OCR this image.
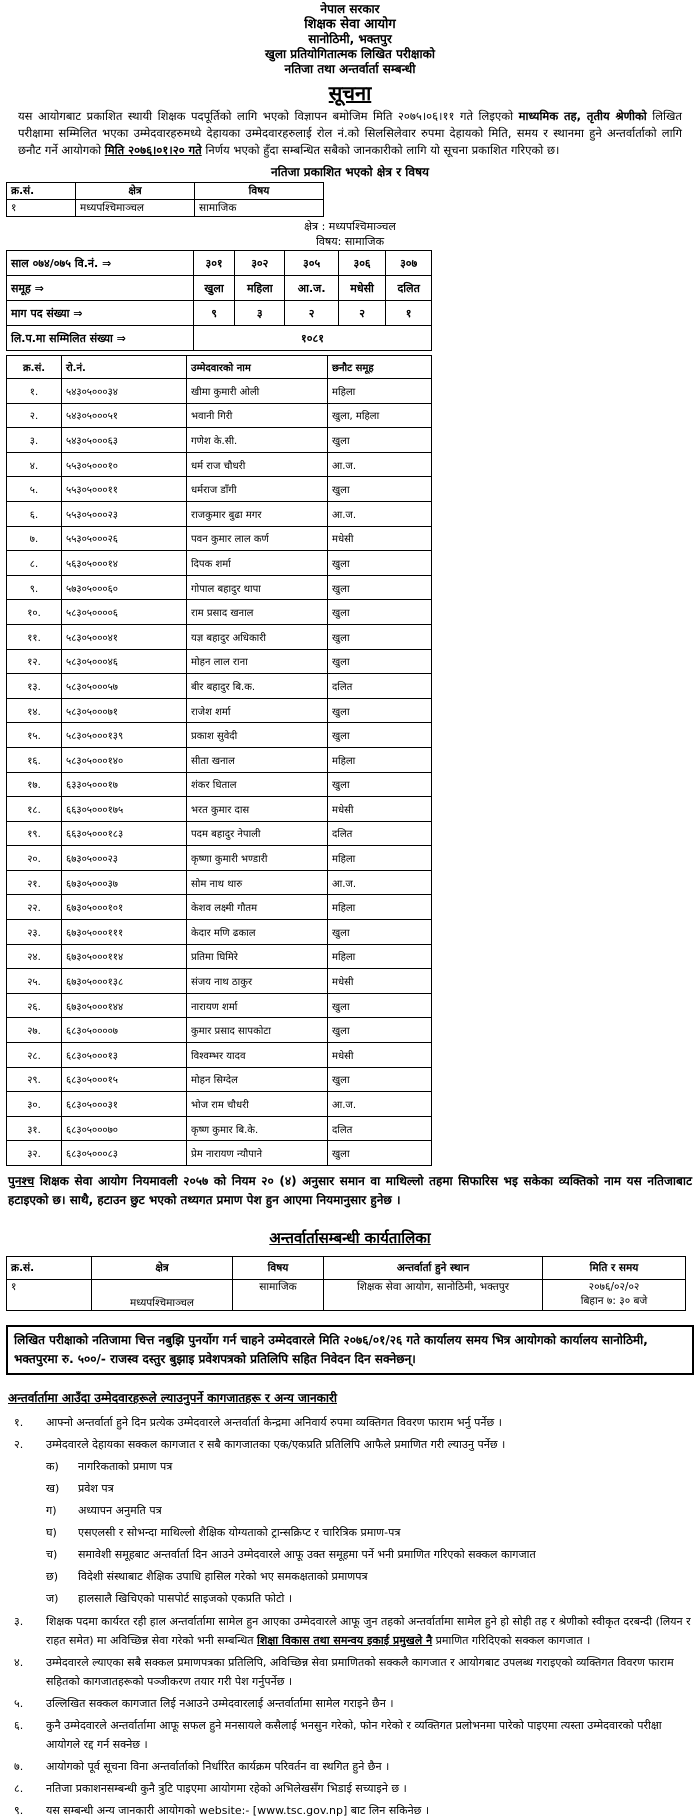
नेपाल सरकार
शिक्षक सेवा आयोग
सानोठिमी, भक्तपुर
खुला प्रतियोगितात्मक लिखित परीक्षाको
नतिजा तथा अन्तर्वार्ता सम्बन्धी
सूचना
यस आयोगबाट प्रकाशित स्थायी शिक्षक पदपूर्तिको लागि भएको विज्ञापन बमोजिम मिति २०७५।०६।११ गते लिइएको माध्यमिक तह, तृतीय श्रेणीको लिखित परीक्षामा सम्मिलित भएका उम्मेदवारहरुमध्ये देहायका उम्मेदवारहरुलाई रोल नं.को सिलसिलेवार रुपमा देहायको मिति, समय र स्थानमा हुने अन्तर्वार्ताको लागि छनौट गर्ने आयोगको मिति २०७६।०१।२० गते निर्णय भएको हुँदा सम्बन्धित सबैको जानकारीको लागि यो सूचना प्रकाशित गरिएको छ।
नतिजा प्रकाशित भएको क्षेत्र र विषय
क्र.सं.	क्षेत्र	विषय
१	मध्यपश्चिमाञ्चल	सामाजिक
क्षेत्र : मध्यपश्चिमाञ्चल
विषय: सामाजिक
साल ०७४/०७५ वि.नं. ⇒	३०१	३०२	३०५	३०६	३०७
समूह ⇒	खुला	महिला	आ.ज.	मधेसी	दलित
माग पद संख्या ⇒	९	३	२	२	१
लि.प.मा सम्मिलित संख्या ⇒	१०८१				
क्र.सं.	रो.नं.	उम्मेदवारको नाम	छनौट समूह
१.	५४३०५०००३४	खीमा कुमारी ओली	महिला
२.	५४३०५०००५१	भवानी गिरी	खुला, महिला
३.	५४३०५०००६३	गणेश के.सी.	खुला
४.	५५३०५०००१०	धर्म राज चौधरी	आ.ज.
५.	५५३०५०००११	धर्मराज डाँगी	खुला
६.	५५३०५०००२३	राजकुमार बुढा मगर	आ.ज.
७.	५५३०५०००२६	पवन कुमार लाल कर्ण	मधेसी
८.	५६३०५०००१४	दिपक शर्मा	खुला
९.	५७३०५०००६०	गोपाल बहादुर थापा	खुला
१०.	५८३०५००००६	राम प्रसाद खनाल	खुला
११.	५८३०५०००४१	यज्ञ बहादुर अधिकारी	खुला
१२.	५८३०५०००४६	मोहन लाल राना	खुला
१३.	५८३०५०००५७	बीर बहादुर बि.क.	दलित
१४.	५८३०५०००७१	राजेश शर्मा	खुला
१५.	५८३०५०००१३९	प्रकाश सुवेदी	खुला
१६.	५८३०५०००१४०	सीता खनाल	महिला
१७.	६३३०५०००१७	शंकर धिताल	खुला
१८.	६६३०५०००१७५	भरत कुमार दास	मधेसी
१९.	६६३०५०००१८३	पदम बहादुर नेपाली	दलित
२०.	६७३०५०००२३	कृष्णा कुमारी भण्डारी	महिला
२१.	६७३०५०००३७	सोम नाथ थारु	आ.ज.
२२.	६७३०५०००१०१	केशव लक्ष्मी गौतम	महिला
२३.	६७३०५०००१११	केदार मणि ढकाल	खुला
२४.	६७३०५०००११४	प्रतिमा घिमिरे	महिला
२५.	६७३०५०००१३८	संजय नाथ ठाकुर	मधेसी
२६.	६७३०५०००१४४	नारायण शर्मा	खुला
२७.	६८३०५००००७	कुमार प्रसाद सापकोटा	खुला
२८.	६८३०५०००१३	विश्वम्भर यादव	मधेसी
२९.	६८३०५०००१५	मोहन सिग्देल	खुला
३०.	६८३०५०००३१	भोज राम चौधरी	आ.ज.
३१.	६८३०५०००७०	कृष्ण कुमार बि.के.	दलित
३२.	६८३०५०००८३	प्रेम नारायण न्यौपाने	खुला
पुनश्च शिक्षक सेवा आयोग नियमावली २०५७ को नियम २० (४) अनुसार समान वा माथिल्लो तहमा सिफारिस भइ सकेका व्यक्तिको नाम यस नतिजाबाट हटाइएको छ। साथै, हटाउन छुट भएको तथ्यगत प्रमाण पेश हुन आएमा नियमानुसार हुनेछ ।
अन्तर्वार्तासम्बन्धी कार्यतालिका
क्र.सं.	क्षेत्र	विषय	अन्तर्वार्ता हुने स्थान	मिति र समय
१	मध्यपश्चिमाञ्चल	सामाजिक	शिक्षक सेवा आयोग, सानोठिमी, भक्तपुर	२०७६/०२/०२
बिहान ७: ३० बजे
लिखित परीक्षाको नतिजामा चित्त नबुझि पुनर्योग गर्न चाहने उम्मेदवारले मिति २०७६/०१/२६ गते कार्यालय समय भित्र आयोगको कार्यालय सानोठिमी, भक्तपुरमा रु. ५००/- राजस्व दस्तुर बुझाइ प्रवेशपत्रको प्रतिलिपि सहित निवेदन दिन सक्नेछन्।
अन्तर्वार्तामा आउँदा उम्मेदवारहरूले ल्याउनुपर्ने कागजातहरू र अन्य जानकारी
१.	आफ्नो अन्तर्वार्ता हुने दिन प्रत्येक उम्मेदवारले अन्तर्वार्ता केन्द्रमा अनिवार्य रुपमा व्यक्तिगत विवरण फाराम भर्नु पर्नेछ ।
२.	उम्मेदवारले देहायका सक्कल कागजात र सबै कागजातका एक/एकप्रति प्रतिलिपि आफैले प्रमाणित गरी ल्याउनु पर्नेछ ।
क)	नागरिकताको प्रमाण पत्र
ख)	प्रवेश पत्र
ग)	अध्यापन अनुमति पत्र
घ)	एसएलसी र सोभन्दा माथिल्लो शैक्षिक योग्यताको ट्रान्सक्रिप्ट र चारित्रिक प्रमाण-पत्र
च)	समावेशी समूहबाट अन्तर्वार्ता दिन आउने उम्मेदवारले आफू उक्त समूहमा पर्ने भनी प्रमाणित गरिएको सक्कल कागजात
छ)	विदेशी संस्थाबाट शैक्षिक उपाधि हासिल गरेको भए समकक्षताको प्रमाणपत्र
ज)	हालसालै खिचिएको पासपोर्ट साइजको एकप्रति फोटो ।
३.	शिक्षक पदमा कार्यरत रही हाल अन्तर्वार्तामा सामेल हुन आएका उम्मेदवारले आफू जुन तहको अन्तर्वार्तामा सामेल हुने हो सोही तह र श्रेणीको स्वीकृत दरबन्दी (लियन र राहत समेत) मा अविच्छिन्न सेवा गरेको भनी सम्बन्धित शिक्षा विकास तथा समन्वय इकाई प्रमुखले नै प्रमाणित गरिदिएको सक्कल कागजात ।
४.	उम्मेदवारले ल्याएका सबै सक्कल प्रमाणपत्रका प्रतिलिपि, अविच्छिन्न सेवा प्रमाणितको सक्कलै कागजात र आयोगबाट उपलब्ध गराइएको व्यक्तिगत विवरण फाराम सहितको कागजातहरूको पञ्जीकरण तयार गरी पेश गर्नुपर्नेछ ।
५.	उल्लिखित सक्कल कागजात लिई नआउने उम्मेदवारलाई अन्तर्वार्तामा सामेल गराइने छैन ।
६.	कुनै उम्मेदवारले अन्तर्वार्तामा आफू सफल हुने मनसायले कसैलाई भनसुन गरेको, फोन गरेको र व्यक्तिगत प्रलोभनमा पारेको पाइएमा त्यस्ता उम्मेदवारको परीक्षा आयोगले रद्द गर्न सक्नेछ ।
७.	आयोगको पूर्व सूचना विना अन्तर्वार्ताको निर्धारित कार्यक्रम परिवर्तन वा स्थगित हुने छैन ।
८.	नतिजा प्रकाशनसम्बन्धी कुनै त्रुटि पाइएमा आयोगमा रहेको अभिलेखसँग भिडाई सच्याइने छ ।
९.	यस सम्बन्धी अन्य जानकारी आयोगको website:- [www.tsc.gov.np] बाट लिन सकिनेछ ।
